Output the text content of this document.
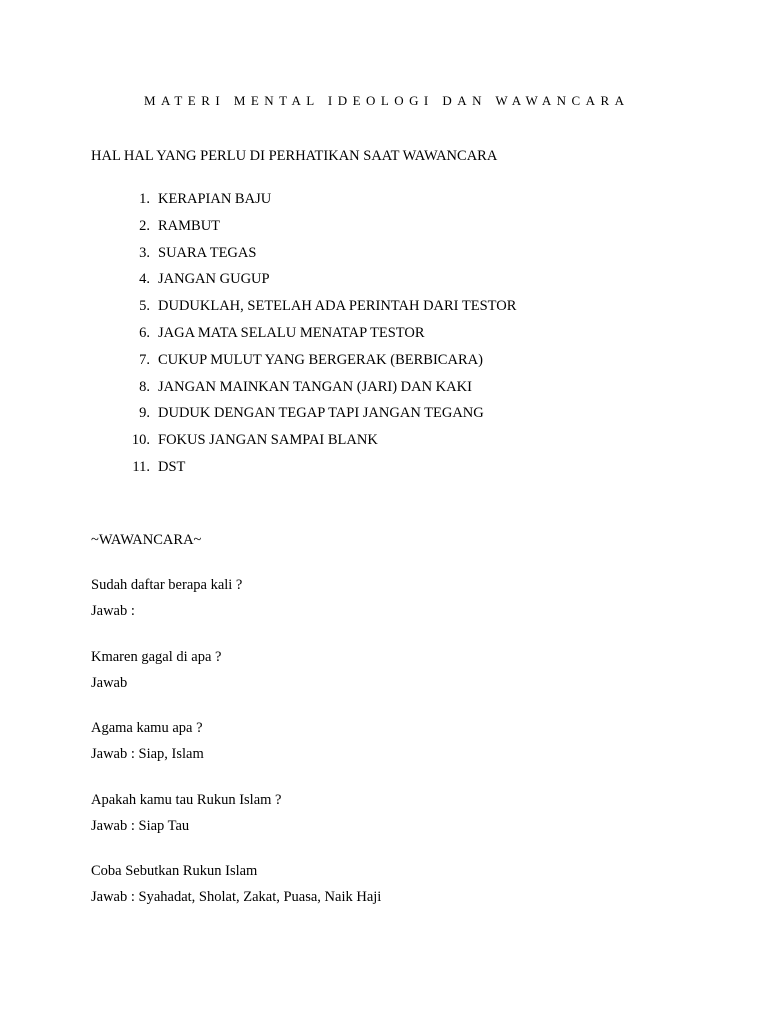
MATERI MENTAL IDEOLOGI DAN WAWANCARA
HAL HAL YANG PERLU DI PERHATIKAN SAAT WAWANCARA
1. KERAPIAN BAJU
2. RAMBUT
3. SUARA TEGAS
4. JANGAN GUGUP
5. DUDUKLAH, SETELAH ADA PERINTAH DARI TESTOR
6. JAGA MATA SELALU MENATAP TESTOR
7. CUKUP MULUT YANG BERGERAK (BERBICARA)
8. JANGAN MAINKAN TANGAN (JARI) DAN KAKI
9. DUDUK DENGAN TEGAP TAPI JANGAN TEGANG
10. FOKUS JANGAN SAMPAI BLANK
11. DST
~WAWANCARA~
Sudah daftar berapa kali ?
Jawab :
Kmaren gagal di apa ?
Jawab
Agama kamu apa ?
Jawab : Siap, Islam
Apakah kamu tau Rukun Islam ?
Jawab : Siap Tau
Coba Sebutkan Rukun Islam
Jawab : Syahadat, Sholat, Zakat, Puasa, Naik Haji
